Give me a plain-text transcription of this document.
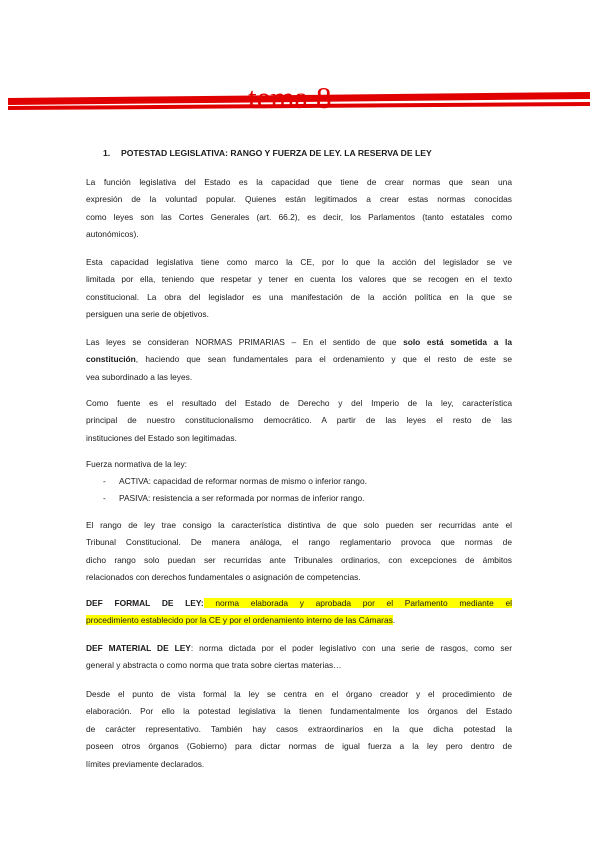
tema 8
1. POTESTAD LEGISLATIVA: RANGO Y FUERZA DE LEY. LA RESERVA DE LEY
La función legislativa del Estado es la capacidad que tiene de crear normas que sean una
expresión de la voluntad popular. Quienes están legitimados a crear estas normas conocidas
como leyes son las Cortes Generales (art. 66.2), es decir, los Parlamentos (tanto estatales como
autonómicos).
Esta capacidad legislativa tiene como marco la CE, por lo que la acción del legislador se ve
limitada por ella, teniendo que respetar y tener en cuenta los valores que se recogen en el texto
constitucional. La obra del legislador es una manifestación de la acción política en la que se
persiguen una serie de objetivos.
Las leyes se consideran NORMAS PRIMARIAS – En el sentido de que solo está sometida a la
constitución, haciendo que sean fundamentales para el ordenamiento y que el resto de este se
vea subordinado a las leyes.
Como fuente es el resultado del Estado de Derecho y del Imperio de la ley, característica
principal de nuestro constitucionalismo democrático. A partir de las leyes el resto de las
instituciones del Estado son legitimadas.
Fuerza normativa de la ley:
- ACTIVA: capacidad de reformar normas de mismo o inferior rango.
- PASIVA: resistencia a ser reformada por normas de inferior rango.
El rango de ley trae consigo la característica distintiva de que solo pueden ser recurridas ante el
Tribunal Constitucional. De manera análoga, el rango reglamentario provoca que normas de
dicho rango solo puedan ser recurridas ante Tribunales ordinarios, con excepciones de ámbitos
relacionados con derechos fundamentales o asignación de competencias.
DEF FORMAL DE LEY: norma elaborada y aprobada por el Parlamento mediante el
procedimiento establecido por la CE y por el ordenamiento interno de las Cámaras.
DEF MATERIAL DE LEY: norma dictada por el poder legislativo con una serie de rasgos, como ser
general y abstracta o como norma que trata sobre ciertas materias…
Desde el punto de vista formal la ley se centra en el órgano creador y el procedimiento de
elaboración. Por ello la potestad legislativa la tienen fundamentalmente los órganos del Estado
de carácter representativo. También hay casos extraordinarios en la que dicha potestad la
poseen otros órganos (Gobierno) para dictar normas de igual fuerza a la ley pero dentro de
límites previamente declarados.
